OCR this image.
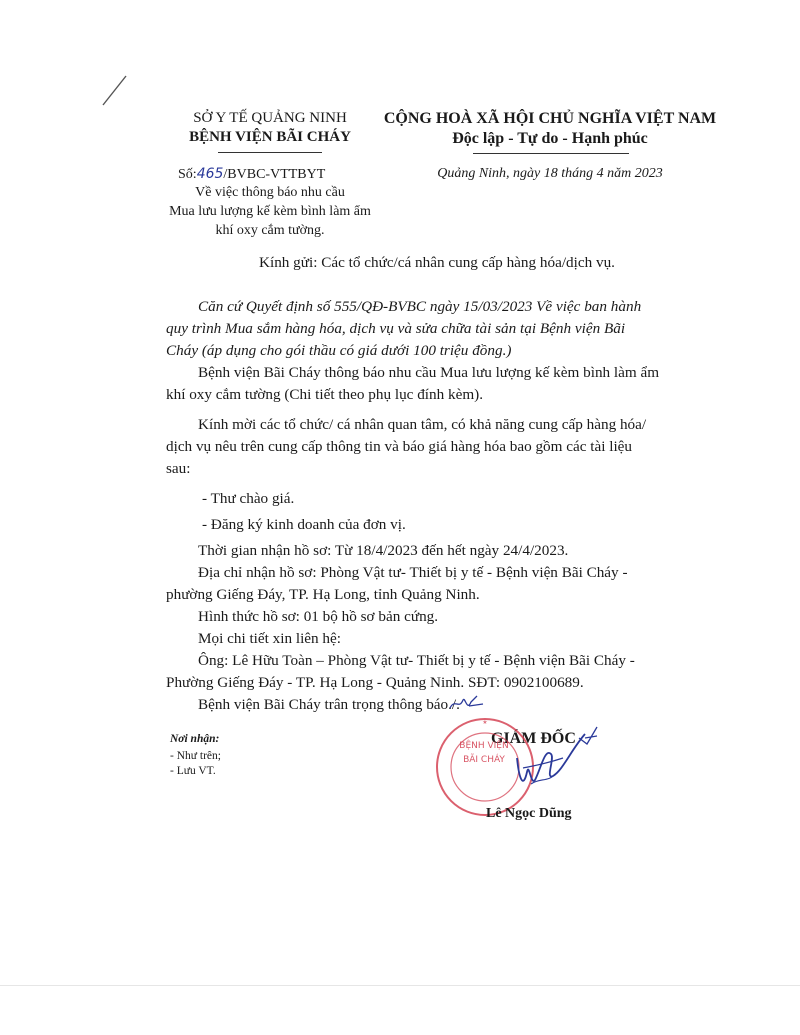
SỞ Y TẾ QUẢNG NINH
BỆNH VIỆN BÃI CHÁY
Số:465/BVBC-VTTBYT
Về việc thông báo nhu cầu
Mua lưu lượng kế kèm bình làm ẩm
khí oxy cắm tường.
CỘNG HOÀ XÃ HỘI CHỦ NGHĨA VIỆT NAM
Độc lập - Tự do - Hạnh phúc
Quảng Ninh, ngày 18 tháng 4 năm 2023
Kính gửi: Các tổ chức/cá nhân cung cấp hàng hóa/dịch vụ.
Căn cứ Quyết định số 555/QĐ-BVBC ngày 15/03/2023 Về việc ban hành
quy trình Mua sắm hàng hóa, dịch vụ và sửa chữa tài sản tại Bệnh viện Bãi
Cháy (áp dụng cho gói thầu có giá dưới 100 triệu đồng.)
Bệnh viện Bãi Cháy thông báo nhu cầu Mua lưu lượng kế kèm bình làm ẩm
khí oxy cắm tường (Chi tiết theo phụ lục đính kèm).
Kính mời các tổ chức/ cá nhân quan tâm, có khả năng cung cấp hàng hóa/
dịch vụ nêu trên cung cấp thông tin và báo giá hàng hóa bao gồm các tài liệu
sau:
- Thư chào giá.
- Đăng ký kinh doanh của đơn vị.
Thời gian nhận hồ sơ: Từ 18/4/2023 đến hết ngày 24/4/2023.
Địa chỉ nhận hồ sơ: Phòng Vật tư- Thiết bị y tế - Bệnh viện Bãi Cháy -
phường Giếng Đáy, TP. Hạ Long, tỉnh Quảng Ninh.
Hình thức hồ sơ: 01 bộ hồ sơ bản cứng.
Mọi chi tiết xin liên hệ:
Ông: Lê Hữu Toàn – Phòng Vật tư- Thiết bị y tế - Bệnh viện Bãi Cháy -
Phường Giếng Đáy - TP. Hạ Long - Quảng Ninh. SĐT: 0902100689.
Bệnh viện Bãi Cháy trân trọng thông báo./.
Nơi nhận:
- Như trên;
- Lưu VT.
GIÁM ĐỐC
★
BỆNH VIỆN
BÃI CHÁY
Lê Ngọc Dũng
